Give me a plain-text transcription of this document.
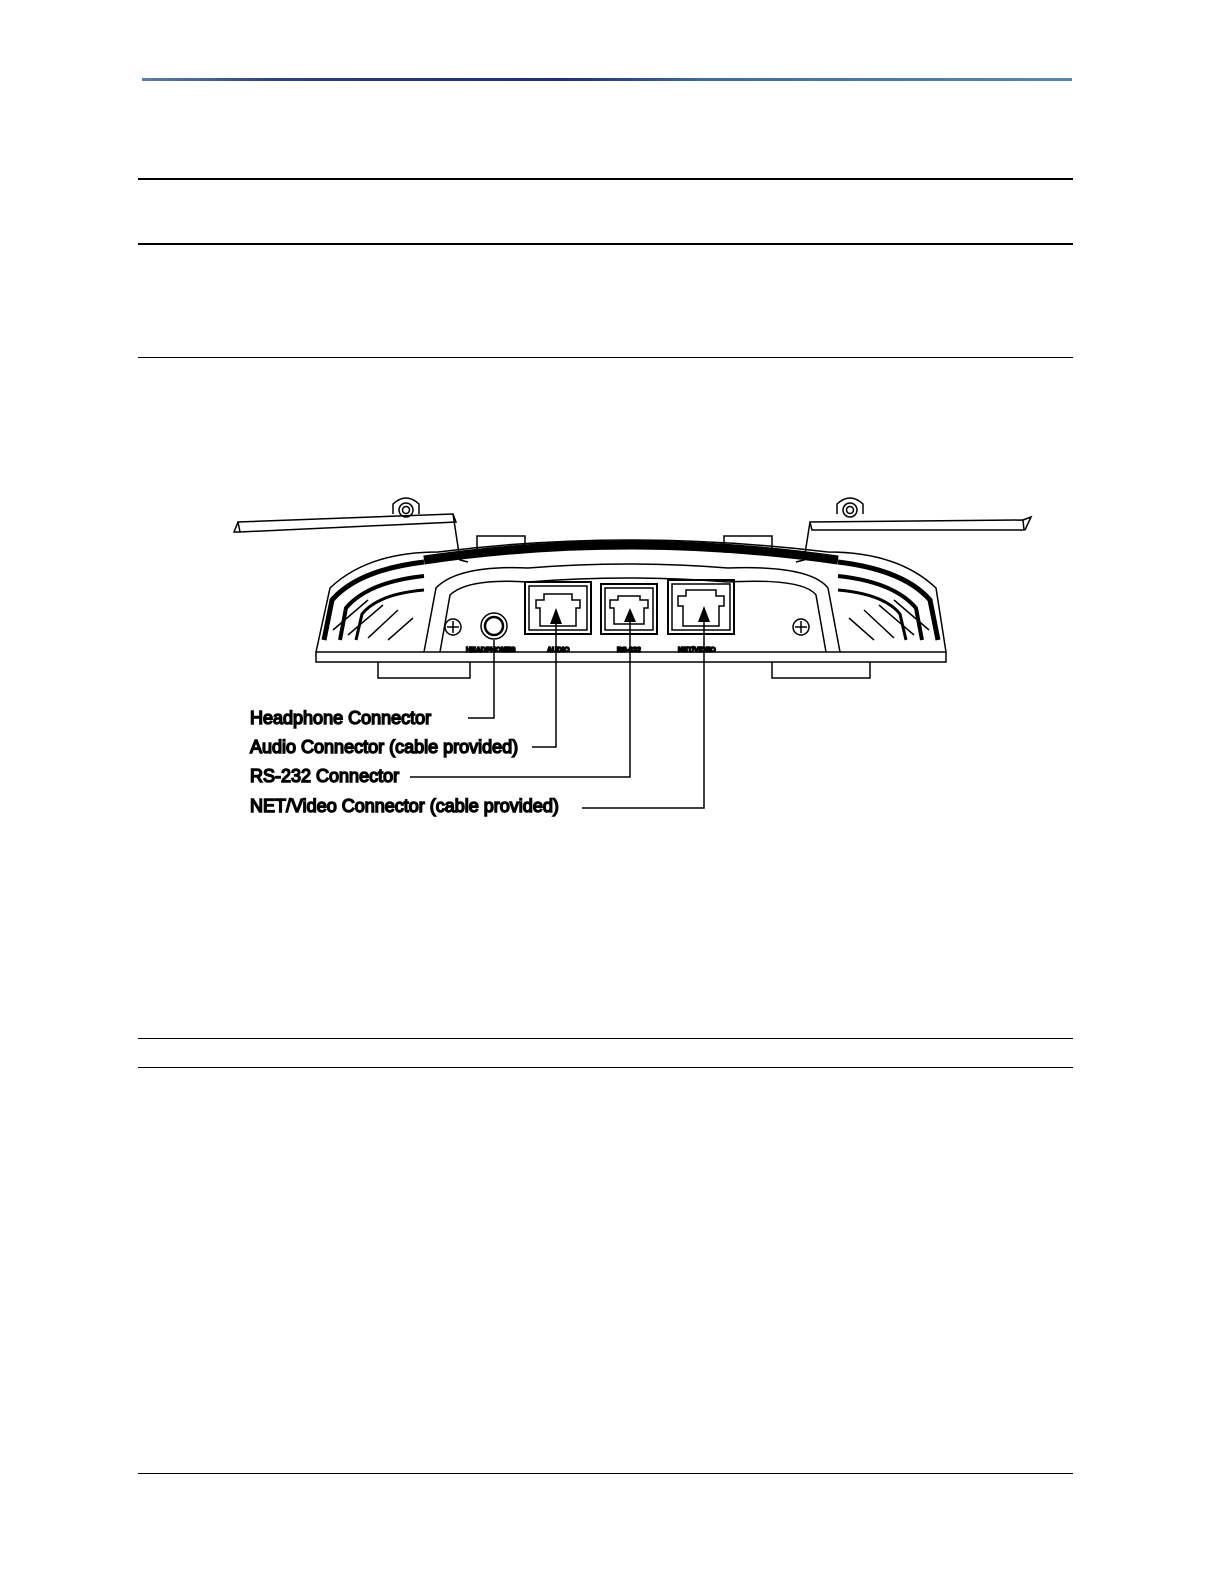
HEADPHONES	AUDIO	RS-232	NET/VIDEO
Headphone Connector
Audio Connector (cable provided)
RS-232 Connector
NET/Video Connector (cable provided)
